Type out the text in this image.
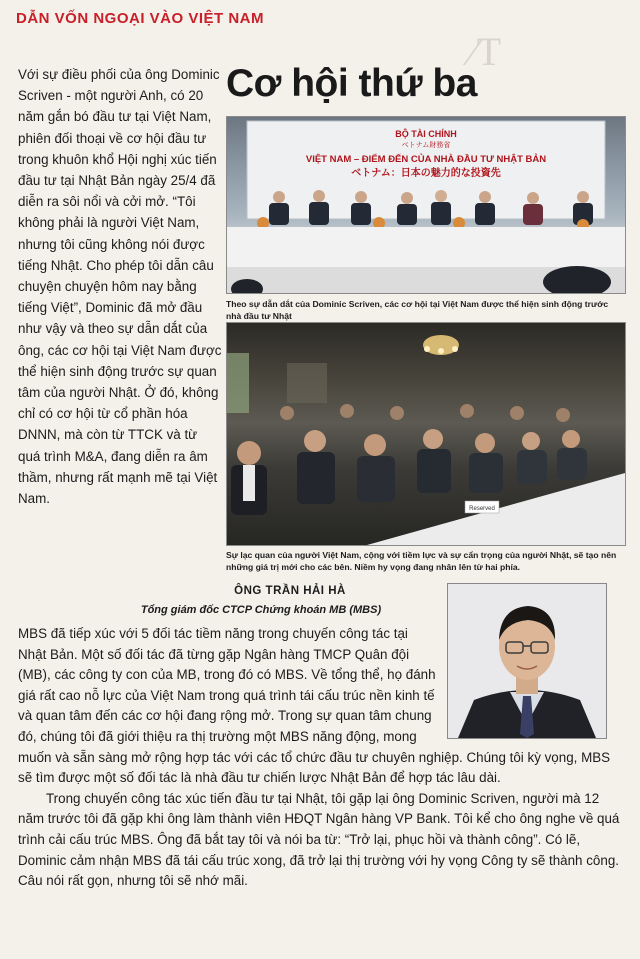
⁄Т
DẪN VỐN NGOẠI VÀO VIỆT NAM
Cơ hội thứ ba
Với sự điều phối của ông Dominic Scriven - một người Anh, có 20 năm gắn bó đầu tư tại Việt Nam, phiên đối thoại về cơ hội đầu tư trong khuôn khổ Hội nghị xúc tiến đầu tư tại Nhật Bản ngày 25/4 đã diễn ra sôi nổi và cởi mở. “Tôi không phải là người Việt Nam, nhưng tôi cũng không nói được tiếng Nhật. Cho phép tôi dẫn câu chuyện chuyện hôm nay bằng tiếng Việt”, Dominic đã mở đầu như vậy và theo sự dẫn dắt của ông, các cơ hội tại Việt Nam được thể hiện sinh động trước sự quan tâm của người Nhật. Ở đó, không chỉ có cơ hội từ cổ phần hóa DNNN, mà còn từ TTCK và từ quá trình M&A, đang diễn ra âm thầm, nhưng rất mạnh mẽ tại Việt Nam.
BỘ TÀI CHÍNH
ベトナム財務省
VIỆT NAM – ĐIỂM ĐẾN CỦA NHÀ ĐẦU TƯ NHẬT BẢN
ベトナム：日本の魅力的な投資先
Theo sự dẫn dắt của Dominic Scriven, các cơ hội tại Việt Nam được thể hiện sinh động trước nhà đầu tư Nhật
Reserved
Sự lạc quan của người Việt Nam, cộng với tiềm lực và sự cẩn trọng của người Nhật, sẽ tạo nên những giá trị mới cho các bên. Niềm hy vọng đang nhân lên từ hai phía.
ÔNG TRẦN HẢI HÀ
Tổng giám đốc CTCP Chứng khoán MB (MBS)

MBS đã tiếp xúc với 5 đối tác tiềm năng trong chuyến công tác tại Nhật Bản. Một số đối tác đã từng gặp Ngân hàng TMCP Quân đội (MB), các công ty con của MB, trong đó có MBS. Về tổng thể, họ đánh giá rất cao nỗ lực của Việt Nam trong quá trình tái cấu trúc nền kinh tế và quan tâm đến các cơ hội đang rộng mở. Trong sự quan tâm chung đó, chúng tôi đã giới thiệu ra thị trường một MBS năng động, mong muốn và sẵn sàng mở rộng hợp tác với các tổ chức đầu tư chuyên nghiệp. Chúng tôi kỳ vọng, MBS sẽ tìm được một số đối tác là nhà đầu tư chiến lược Nhật Bản để hợp tác lâu dài.

Trong chuyến công tác xúc tiến đầu tư tại Nhật, tôi gặp lại ông Dominic Scriven, người mà 12 năm trước tôi đã gặp khi ông làm thành viên HĐQT Ngân hàng VP Bank. Tôi kể cho ông nghe về quá trình cải cấu trúc MBS. Ông đã bắt tay tôi và nói ba từ: “Trở lại, phục hồi và thành công”. Có lẽ, Dominic cảm nhận MBS đã tái cấu trúc xong, đã trở lại thị trường với hy vọng Công ty sẽ thành công. Câu nói rất gọn, nhưng tôi sẽ nhớ mãi.
